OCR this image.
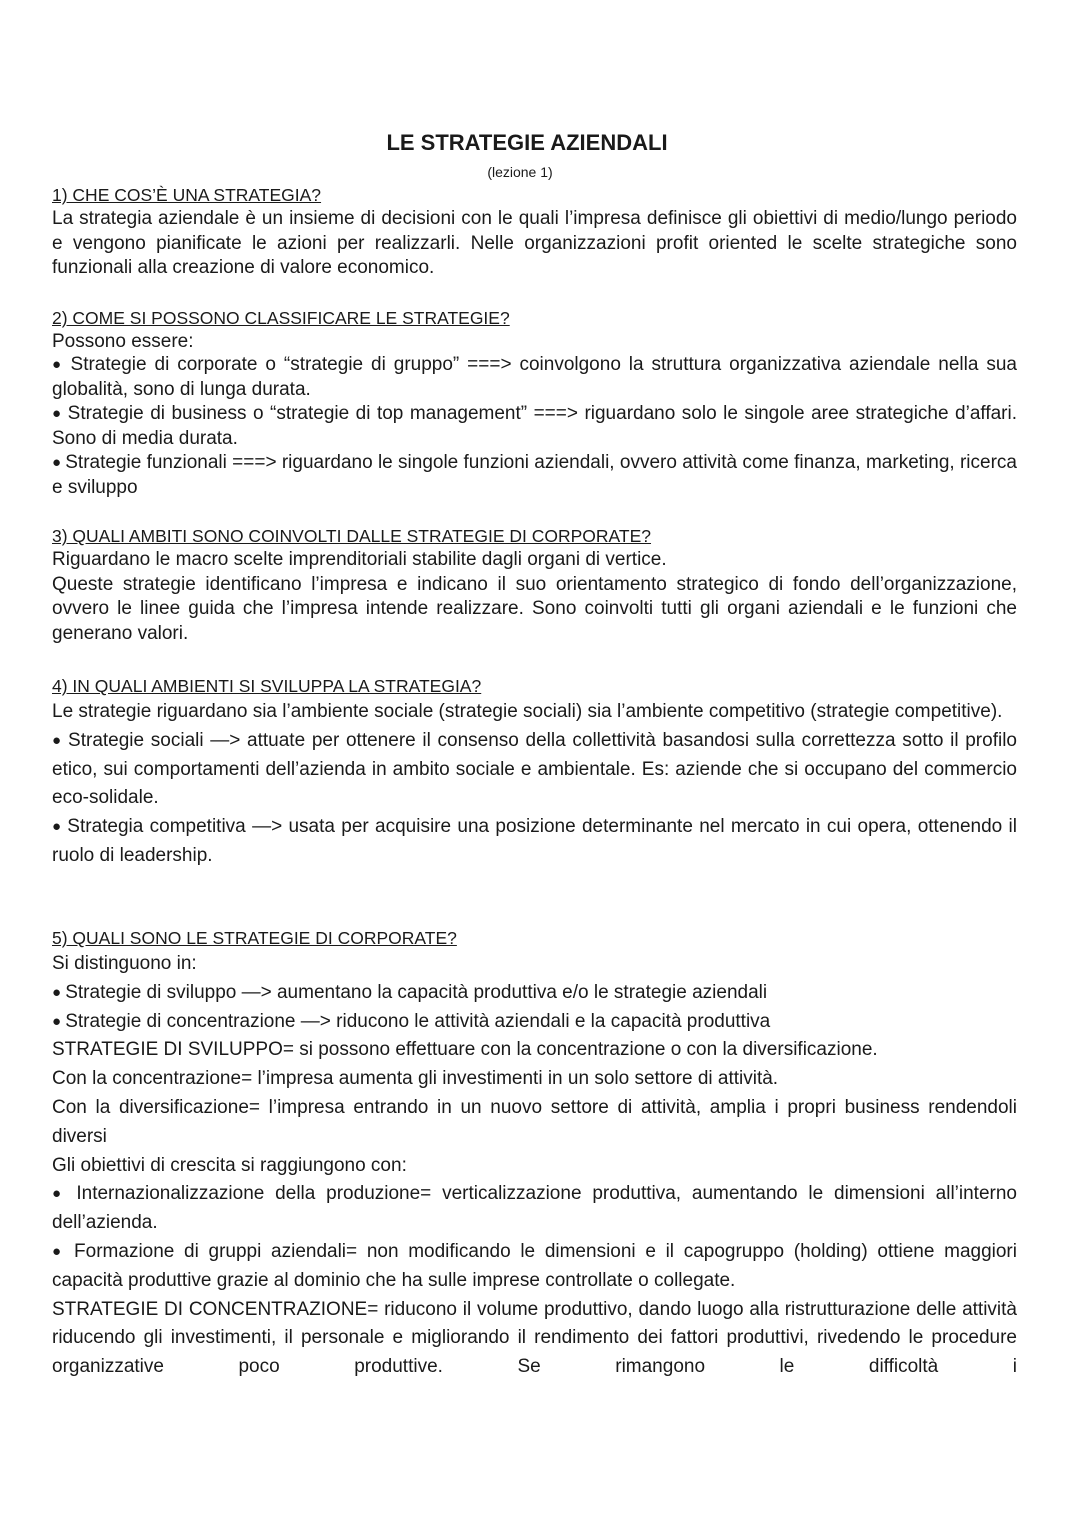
LE STRATEGIE AZIENDALI
(lezione 1)
1) CHE COS’È UNA STRATEGIA?
La strategia aziendale è un insieme di decisioni con le quali l’impresa definisce gli obiettivi di medio/lungo periodo e vengono pianificate le azioni per realizzarli. Nelle organizzazioni profit oriented le scelte strategiche sono funzionali alla creazione di valore economico.
2) COME SI POSSONO CLASSIFICARE LE STRATEGIE?
Possono essere:
● Strategie di corporate o “strategie di gruppo” ===> coinvolgono la struttura organizzativa aziendale nella sua globalità, sono di lunga durata.
● Strategie di business o “strategie di top management” ===> riguardano solo le singole aree strategiche d’affari. Sono di media durata.
● Strategie funzionali ===> riguardano le singole funzioni aziendali, ovvero attività come finanza, marketing, ricerca e sviluppo
3) QUALI AMBITI SONO COINVOLTI DALLE STRATEGIE DI CORPORATE?
Riguardano le macro scelte imprenditoriali stabilite dagli organi di vertice.
Queste strategie identificano l’impresa e indicano il suo orientamento strategico di fondo dell’organizzazione, ovvero le linee guida che l’impresa intende realizzare. Sono coinvolti tutti gli organi aziendali e le funzioni che generano valori.
4) IN QUALI AMBIENTI SI SVILUPPA LA STRATEGIA?
Le strategie riguardano sia l’ambiente sociale (strategie sociali) sia l’ambiente competitivo (strategie competitive).
● Strategie sociali —> attuate per ottenere il consenso della collettività basandosi sulla correttezza sotto il profilo etico, sui comportamenti dell’azienda in ambito sociale e ambientale. Es: aziende che si occupano del commercio eco-solidale.
● Strategia competitiva —> usata per acquisire una posizione determinante nel mercato in cui opera, ottenendo il ruolo di leadership.
5) QUALI SONO LE STRATEGIE DI CORPORATE?
Si distinguono in:
● Strategie di sviluppo —> aumentano la capacità produttiva e/o le strategie aziendali
● Strategie di concentrazione —> riducono le attività aziendali e la capacità produttiva
STRATEGIE DI SVILUPPO= si possono effettuare con la concentrazione o con la diversificazione.
Con la concentrazione= l’impresa aumenta gli investimenti in un solo settore di attività.
Con la diversificazione= l’impresa entrando in un nuovo settore di attività, amplia i propri business rendendoli diversi
Gli obiettivi di crescita si raggiungono con:
● Internazionalizzazione della produzione= verticalizzazione produttiva, aumentando le dimensioni all’interno dell’azienda.
● Formazione di gruppi aziendali= non modificando le dimensioni e il capogruppo (holding) ottiene maggiori capacità produttive grazie al dominio che ha sulle imprese controllate o collegate.
STRATEGIE DI CONCENTRAZIONE= riducono il volume produttivo, dando luogo alla ristrutturazione delle attività riducendo gli investimenti, il personale e migliorando il rendimento dei fattori produttivi, rivedendo le procedure organizzative poco produttive. Se rimangono le difficoltà i
